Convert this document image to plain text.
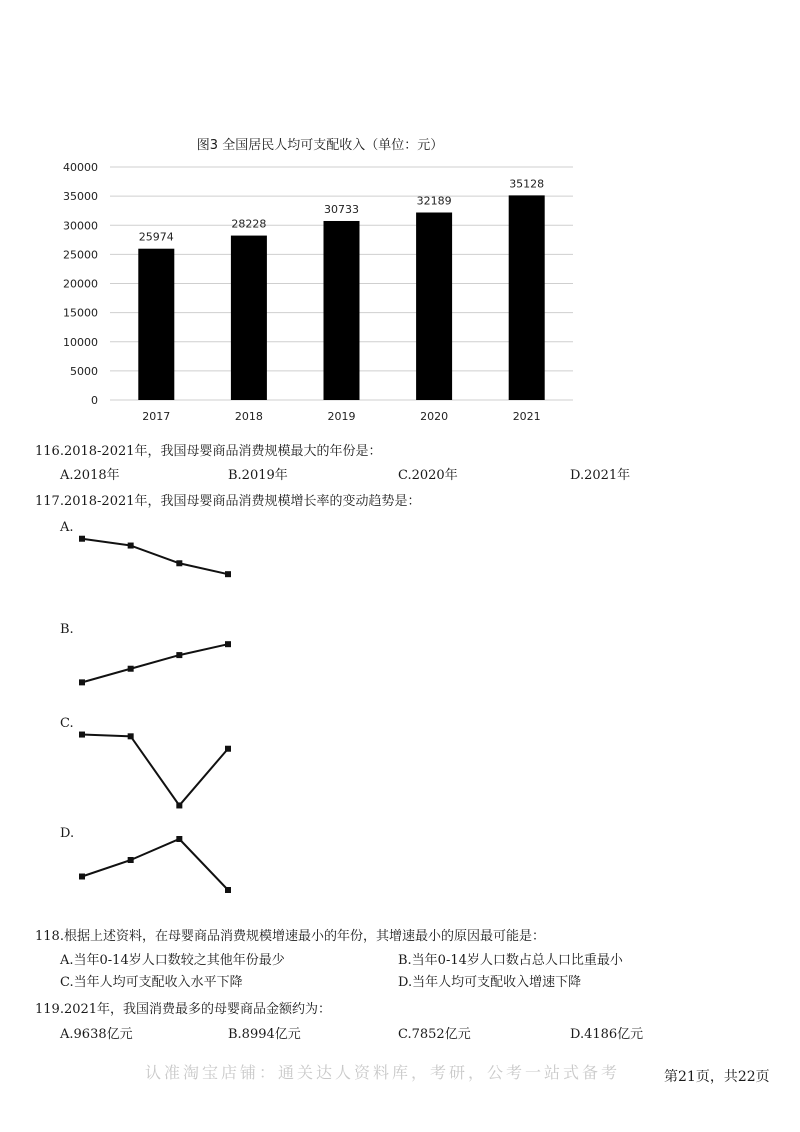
图3 全国居民人均可支配收入（单位：元）
0
5000
10000
15000
20000
25000
30000
35000
40000
25974
2017
28228
2018
30733
2019
32189
2020
35128
2021
116.2018-2021年，我国母婴商品消费规模最大的年份是：
A.2018年	B.2019年	C.2020年	D.2021年
117.2018-2021年，我国母婴商品消费规模增长率的变动趋势是：
A.
B.
C.
D.
118.根据上述资料，在母婴商品消费规模增速最小的年份，其增速最小的原因最可能是：
A.当年0-14岁人口数较之其他年份最少	B.当年0-14岁人口数占总人口比重最小
C.当年人均可支配收入水平下降	D.当年人均可支配收入增速下降
119.2021年，我国消费最多的母婴商品金额约为：
A.9638亿元	B.8994亿元	C.7852亿元	D.4186亿元
认准淘宝店铺：通关达人资料库，考研，公考一站式备考	第21页，共22页
